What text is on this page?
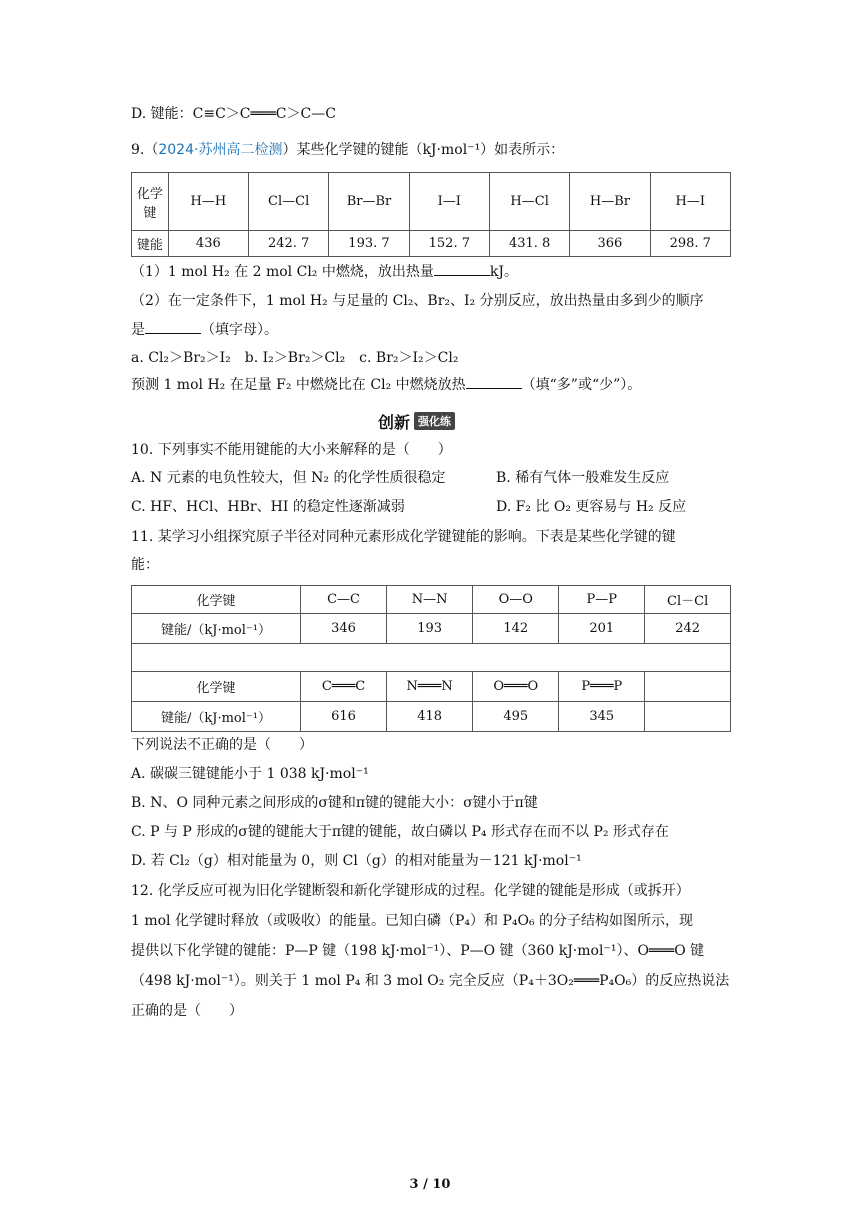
D. 键能：C≡C＞C═══C＞C—C
9.（2024·苏州高二检测）某些化学键的键能（kJ·mol⁻¹）如表所示：
化学键	H—H	Cl—Cl	Br—Br	I—I	H—Cl	H—Br	H—I
键能	436	242. 7	193. 7	152. 7	431. 8	366	298. 7
（1）1 mol H₂ 在 2 mol Cl₂ 中燃烧，放出热量	kJ。
（2）在一定条件下，1 mol H₂ 与足量的 Cl₂、Br₂、I₂ 分别反应，放出热量由多到少的顺序
是	（填字母）。
a. Cl₂＞Br₂＞I₂　b. I₂＞Br₂＞Cl₂　c. Br₂＞I₂＞Cl₂
预测 1 mol H₂ 在足量 F₂ 中燃烧比在 Cl₂ 中燃烧放热	（填“多”或“少”）。
创新 强化练
10. 下列事实不能用键能的大小来解释的是（　　）
A. N 元素的电负性较大，但 N₂ 的化学性质很稳定	B. 稀有气体一般难发生反应
C. HF、HCl、HBr、HI 的稳定性逐渐减弱	D. F₂ 比 O₂ 更容易与 H₂ 反应
11. 某学习小组探究原子半径对同种元素形成化学键键能的影响。下表是某些化学键的键
能：
化学键	C—C	N—N	O—O	P—P	Cl－Cl
键能/（kJ·mol⁻¹）	346	193	142	201	242

化学键	C═══C	N═══N	O═══O	P═══P	
键能/（kJ·mol⁻¹）	616	418	495	345	
下列说法不正确的是（　　）
A. 碳碳三键键能小于 1 038 kJ·mol⁻¹
B. N、O 同种元素之间形成的σ键和π键的键能大小：σ键小于π键
C. P 与 P 形成的σ键的键能大于π键的键能，故白磷以 P₄ 形式存在而不以 P₂ 形式存在
D. 若 Cl₂（g）相对能量为 0，则 Cl（g）的相对能量为－121 kJ·mol⁻¹
12. 化学反应可视为旧化学键断裂和新化学键形成的过程。化学键的键能是形成（或拆开）
1 mol 化学键时释放（或吸收）的能量。已知白磷（P₄）和 P₄O₆ 的分子结构如图所示，现
提供以下化学键的键能：P—P 键（198 kJ·mol⁻¹）、P—O 键（360 kJ·mol⁻¹）、O═══O 键
（498 kJ·mol⁻¹）。则关于 1 mol P₄ 和 3 mol O₂ 完全反应（P₄＋3O₂═══P₄O₆）的反应热说法
正确的是（　　）
3 / 10
